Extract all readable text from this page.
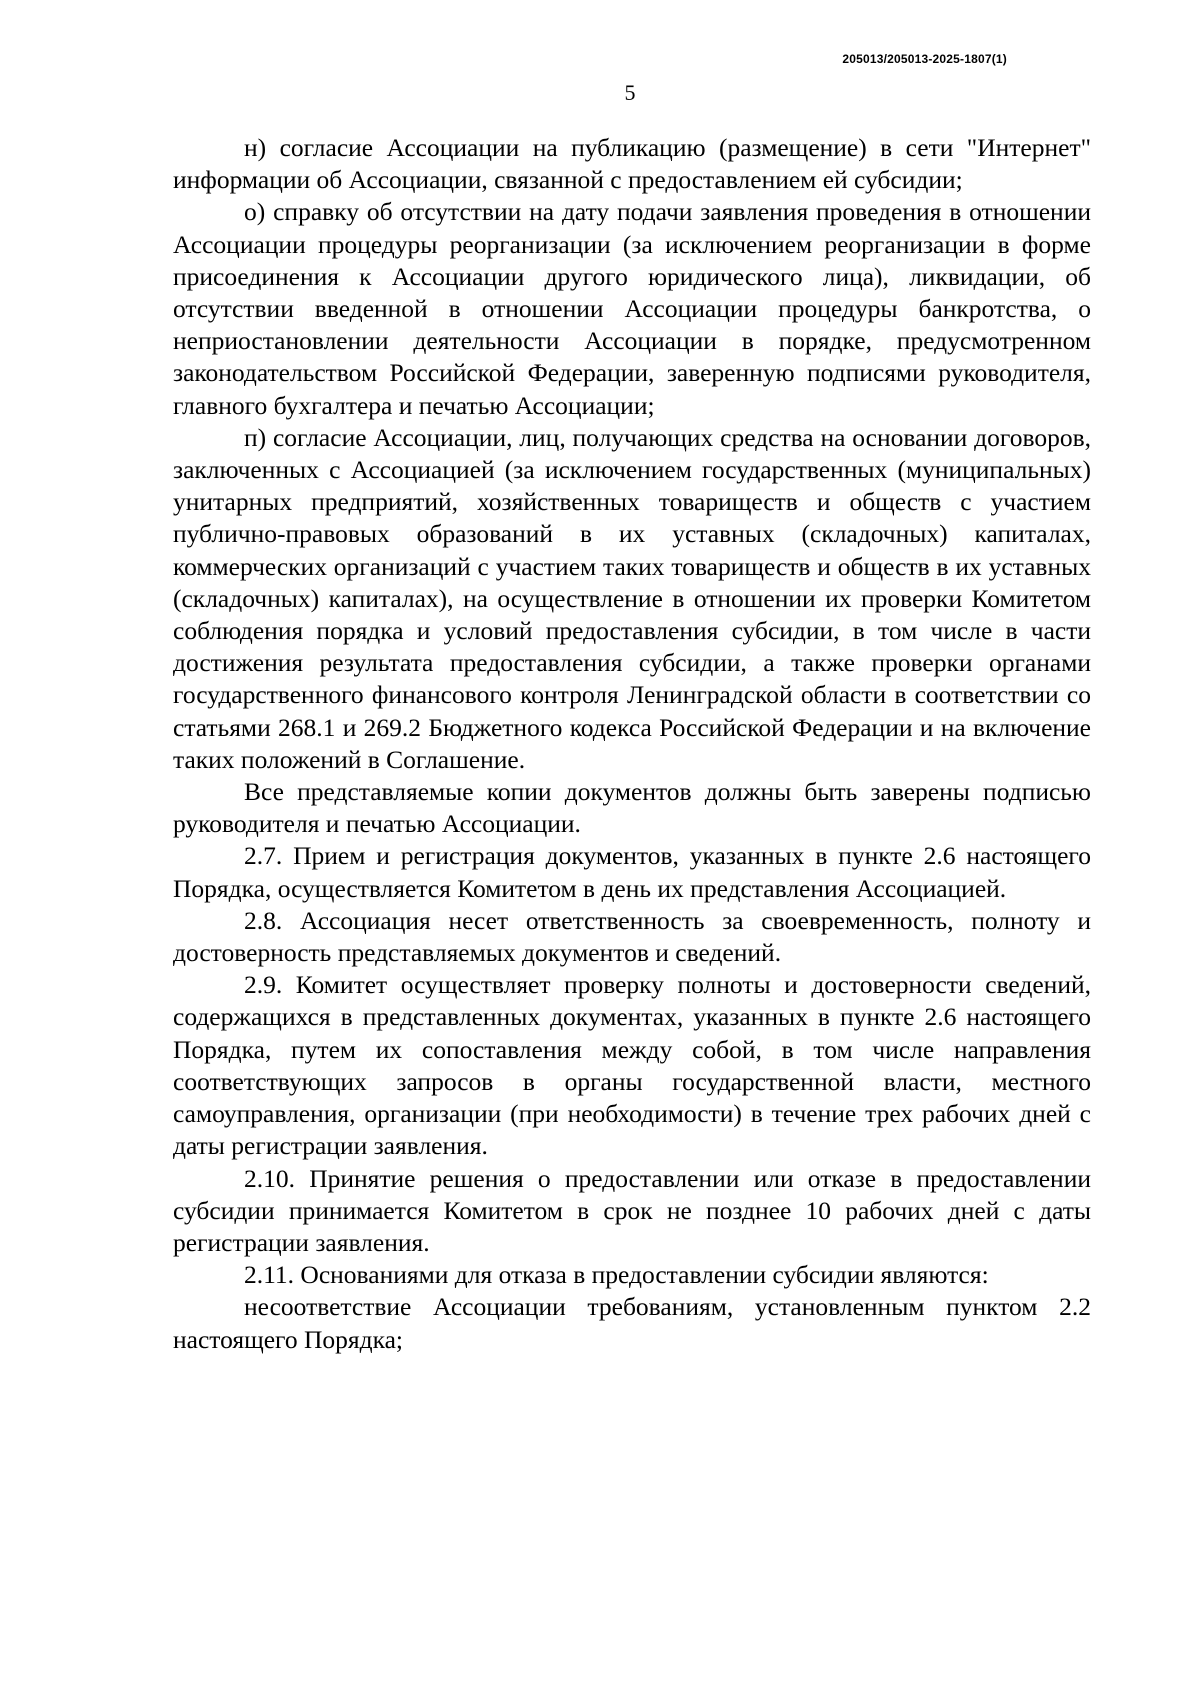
205013/205013-2025-1807(1)
5

н) согласие Ассоциации на публикацию (размещение) в сети "Интернет" информации об Ассоциации, связанной с предоставлением ей субсидии;

о) справку об отсутствии на дату подачи заявления проведения в отношении Ассоциации процедуры реорганизации (за исключением реорганизации в форме присоединения к Ассоциации другого юридического лица), ликвидации, об отсутствии введенной в отношении Ассоциации процедуры банкротства, о неприостановлении деятельности Ассоциации в порядке, предусмотренном законодательством Российской Федерации, заверенную подписями руководителя, главного бухгалтера и печатью Ассоциации;

п) согласие Ассоциации, лиц, получающих средства на основании договоров, заключенных с Ассоциацией (за исключением государственных (муниципальных) унитарных предприятий, хозяйственных товариществ и обществ с участием публично-правовых образований в их уставных (складочных) капиталах, коммерческих организаций с участием таких товариществ и обществ в их уставных (складочных) капиталах), на осуществление в отношении их проверки Комитетом соблюдения порядка и условий предоставления субсидии, в том числе в части достижения результата предоставления субсидии, а также проверки органами государственного финансового контроля Ленинградской области в соответствии со статьями 268.1 и 269.2 Бюджетного кодекса Российской Федерации и на включение таких положений в Соглашение.

Все представляемые копии документов должны быть заверены подписью руководителя и печатью Ассоциации.

2.7. Прием и регистрация документов, указанных в пункте 2.6 настоящего Порядка, осуществляется Комитетом в день их представления Ассоциацией.

2.8. Ассоциация несет ответственность за своевременность, полноту и достоверность представляемых документов и сведений.

2.9. Комитет осуществляет проверку полноты и достоверности сведений, содержащихся в представленных документах, указанных в пункте 2.6 настоящего Порядка, путем их сопоставления между собой, в том числе направления соответствующих запросов в органы государственной власти, местного самоуправления, организации (при необходимости) в течение трех рабочих дней с даты регистрации заявления.

2.10. Принятие решения о предоставлении или отказе в предоставлении субсидии принимается Комитетом в срок не позднее 10 рабочих дней с даты регистрации заявления.

2.11. Основаниями для отказа в предоставлении субсидии являются:

несоответствие Ассоциации требованиям, установленным пунктом 2.2 настоящего Порядка;
